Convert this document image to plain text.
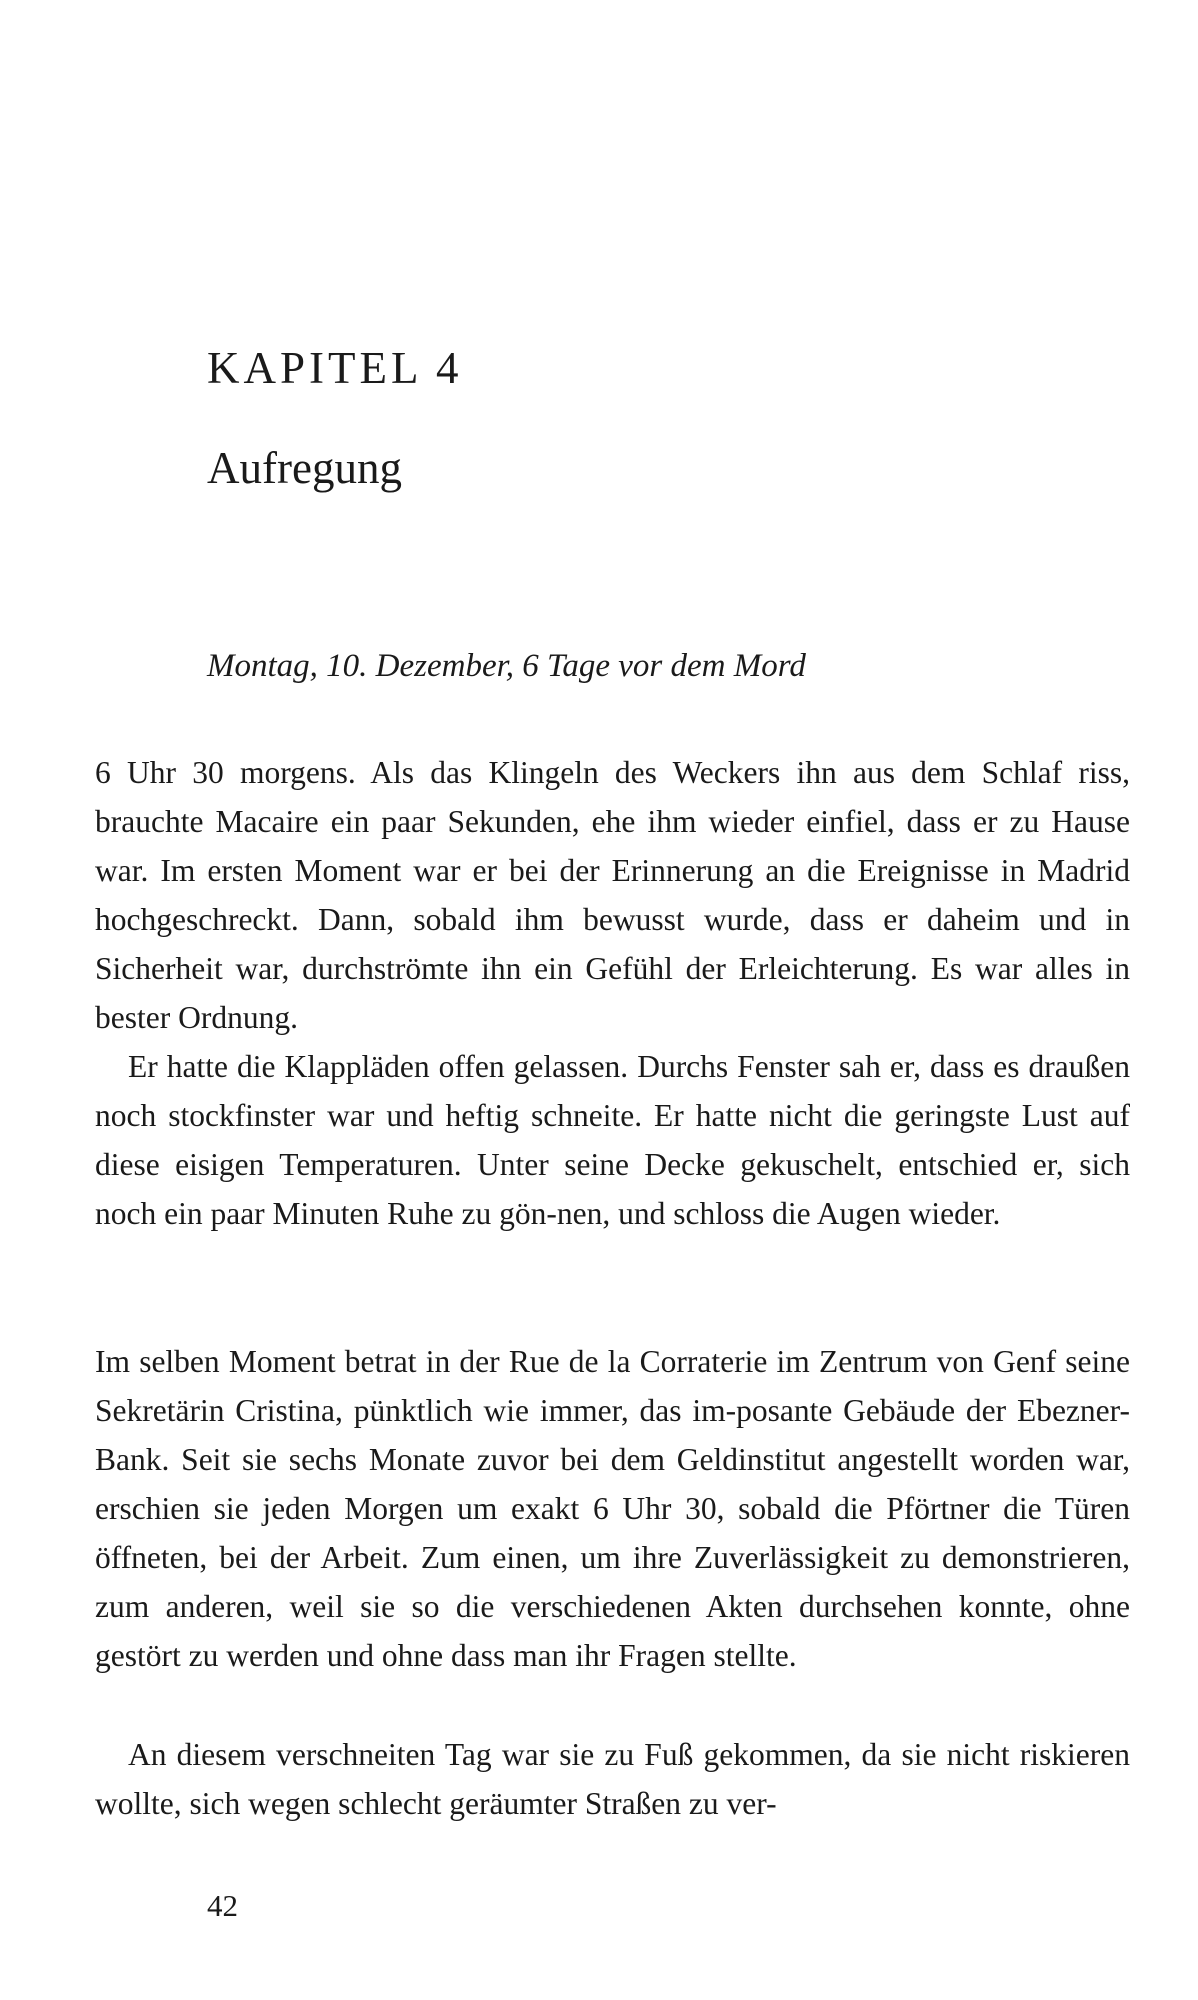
KAPITEL 4
Aufregung

Montag, 10. Dezember, 6 Tage vor dem Mord

6 Uhr 30 morgens. Als das Klingeln des Weckers ihn aus dem Schlaf riss, brauchte Macaire ein paar Sekunden, ehe ihm wieder einfiel, dass er zu Hause war. Im ersten Moment war er bei der Erinnerung an die Ereignisse in Madrid hochgeschreckt. Dann, sobald ihm bewusst wurde, dass er daheim und in Sicherheit war, durchströmte ihn ein Gefühl der Erleichterung. Es war alles in bester Ordnung.

Er hatte die Klappläden offen gelassen. Durchs Fenster sah er, dass es draußen noch stockfinster war und heftig schneite. Er hatte nicht die geringste Lust auf diese eisigen Temperaturen. Unter seine Decke gekuschelt, entschied er, sich noch ein paar Minuten Ruhe zu gön-nen, und schloss die Augen wieder.

Im selben Moment betrat in der Rue de la Corraterie im Zentrum von Genf seine Sekretärin Cristina, pünktlich wie immer, das im-posante Gebäude der Ebezner-Bank. Seit sie sechs Monate zuvor bei dem Geldinstitut angestellt worden war, erschien sie jeden Morgen um exakt 6 Uhr 30, sobald die Pförtner die Türen öffneten, bei der Arbeit. Zum einen, um ihre Zuverlässigkeit zu demonstrieren, zum anderen, weil sie so die verschiedenen Akten durchsehen konnte, ohne gestört zu werden und ohne dass man ihr Fragen stellte.

An diesem verschneiten Tag war sie zu Fuß gekommen, da sie nicht riskieren wollte, sich wegen schlecht geräumter Straßen zu ver-

42
